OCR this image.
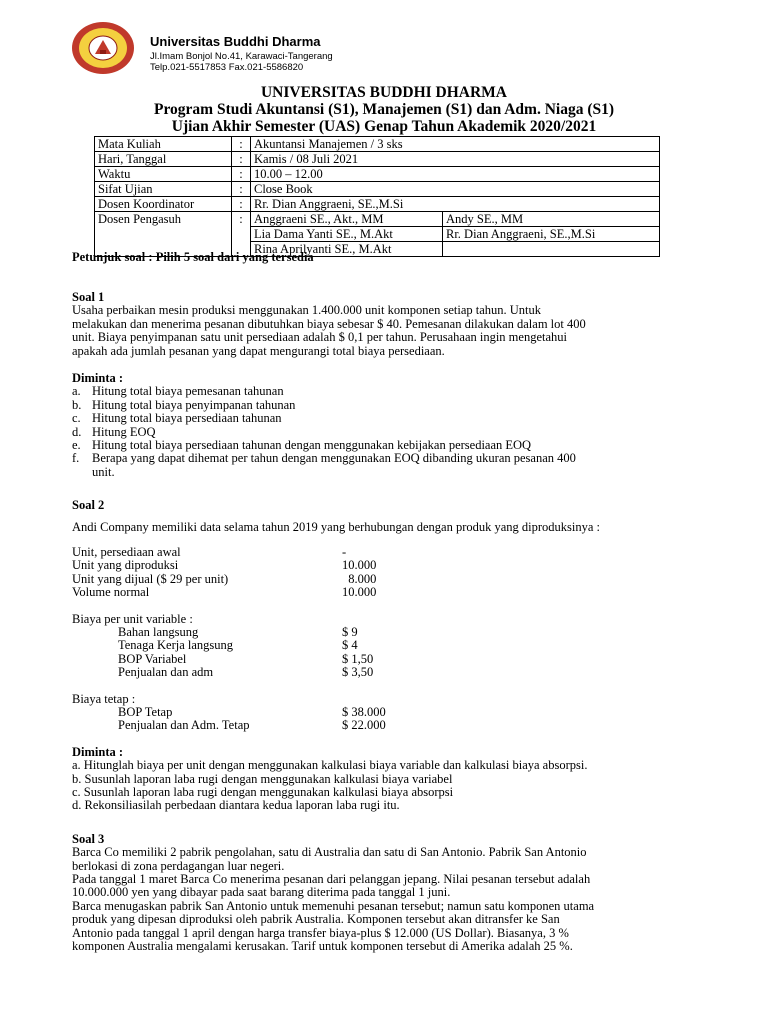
Universitas Buddhi Dharma
Jl.Imam Bonjol No.41, Karawaci-Tangerang
Telp.021-5517853 Fax.021-5586820
UNIVERSITAS BUDDHI DHARMA
Program Studi Akuntansi (S1), Manajemen (S1) dan Adm. Niaga (S1)
Ujian Akhir Semester (UAS) Genap Tahun Akademik 2020/2021
Mata Kuliah	:	Akuntansi Manajemen / 3 sks	
Hari, Tanggal	:	Kamis / 08 Juli 2021	
Waktu	:	10.00 – 12.00	
Sifat Ujian	:	Close Book	
Dosen Koordinator	:	Rr. Dian Anggraeni, SE.,M.Si	
Dosen Pengasuh	:	Anggraeni SE., Akt., MM	Andy SE., MM
		Lia Dama Yanti SE., M.Akt	Rr. Dian Anggraeni, SE.,M.Si
		Rina Aprilyanti SE., M.Akt	
Petunjuk soal : Pilih 5 soal dari yang tersedia

Soal 1

Usaha perbaikan mesin produksi menggunakan 1.400.000 unit komponen setiap tahun. Untuk

melakukan dan menerima pesanan dibutuhkan biaya sebesar $ 40. Pemesanan dilakukan dalam lot 400

unit. Biaya penyimpanan satu unit persediaan adalah $ 0,1 per tahun. Perusahaan ingin mengetahui

apakah ada jumlah pesanan yang dapat mengurangi total biaya persediaan.

Diminta :

a. Hitung total biaya pemesanan tahunan
b. Hitung total biaya penyimpanan tahunan
c. Hitung total biaya persediaan tahunan
d. Hitung EOQ
e. Hitung total biaya persediaan tahunan dengan menggunakan kebijakan persediaan EOQ
f. Berapa yang dapat dihemat per tahun dengan menggunakan EOQ dibanding ukuran pesanan 400
unit.

Soal 2

Andi Company memiliki data selama tahun 2019 yang berhubungan dengan produk yang diproduksinya :

Unit, persediaan awal	-
Unit yang diproduksi	10.000
Unit yang dijual ($ 29 per unit)	8.000
Volume normal	10.000

Biaya per unit variable :

Bahan langsung	$ 9
Tenaga Kerja langsung	$ 4
BOP Variabel	$ 1,50
Penjualan dan adm	$ 3,50

Biaya tetap :

BOP Tetap	$ 38.000
Penjualan dan Adm. Tetap	$ 22.000

Diminta :

a. Hitunglah biaya per unit dengan menggunakan kalkulasi biaya variable dan kalkulasi biaya absorpsi.

b. Susunlah laporan laba rugi dengan menggunakan kalkulasi biaya variabel

c. Susunlah laporan laba rugi dengan menggunakan kalkulasi biaya absorpsi

d. Rekonsiliasilah perbedaan diantara kedua laporan laba rugi itu.

Soal 3

Barca Co memiliki 2 pabrik pengolahan, satu di Australia dan satu di San Antonio. Pabrik San Antonio

berlokasi di zona perdagangan luar negeri.

Pada tanggal 1 maret Barca Co menerima pesanan dari pelanggan jepang. Nilai pesanan tersebut adalah

10.000.000 yen yang dibayar pada saat barang diterima pada tanggal 1 juni.

Barca menugaskan pabrik San Antonio untuk memenuhi pesanan tersebut; namun satu komponen utama

produk yang dipesan diproduksi oleh pabrik Australia. Komponen tersebut akan ditransfer ke San

Antonio pada tanggal 1 april dengan harga transfer biaya-plus $ 12.000 (US Dollar). Biasanya, 3 %

komponen Australia mengalami kerusakan. Tarif untuk komponen tersebut di Amerika adalah 25 %.
